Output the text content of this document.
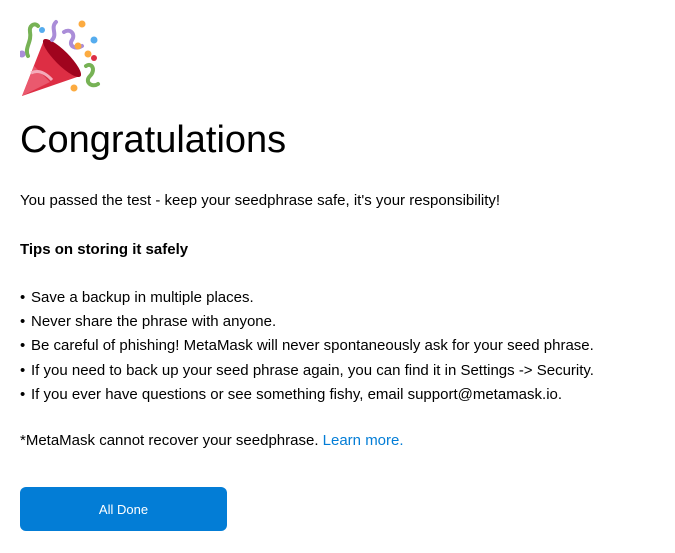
Congratulations

You passed the test - keep your seedphrase safe, it's your responsibility!

Tips on storing it safely

• Save a backup in multiple places.
• Never share the phrase with anyone.
• Be careful of phishing! MetaMask will never spontaneously ask for your seed phrase.
• If you need to back up your seed phrase again, you can find it in Settings -> Security.
• If you ever have questions or see something fishy, email support@metamask.io.

*MetaMask cannot recover your seedphrase. Learn more.

All Done
